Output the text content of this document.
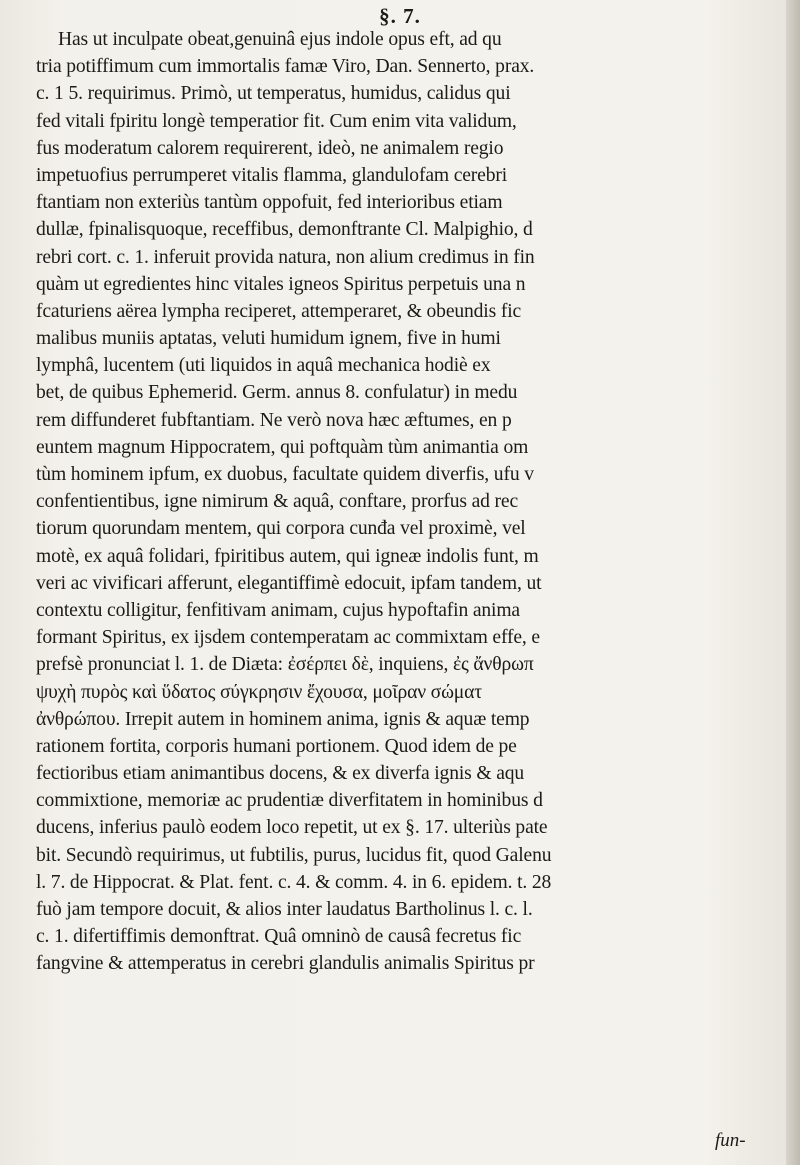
§. 7.
Has ut inculpate obeat,genuinâ ejus indole opus eft, ad qu
tria potiffimum cum immortalis famæ Viro, Dan. Sennerto, prax.
c. 1 5. requirimus. Primò, ut temperatus, humidus, calidus qui
fed vitali fpiritu longè temperatior fit. Cum enim vita validum,
fus moderatum calorem requirerent, ideò, ne animalem regio
impetuofius perrumperet vitalis flamma, glandulofam cerebri
ftantiam non exteriùs tantùm oppofuit, fed interioribus etiam
dullæ, fpinalisquoque, receffibus, demonftrante Cl. Malpighio, d
rebri cort. c. 1. inferuit provida natura, non alium credimus in fin
quàm ut egredientes hinc vitales igneos Spiritus perpetuis una n
fcaturiens aërea lympha reciperet, attemperaret, & obeundis fic
malibus muniis aptatas, veluti humidum ignem, five in humi
lymphâ, lucentem (uti liquidos in aquâ mechanica hodiè ex
bet, de quibus Ephemerid. Germ. annus 8. confulatur) in medu
rem diffunderet fubftantiam. Ne verò nova hæc æftumes, en p
euntem magnum Hippocratem, qui poftquàm tùm animantia om
tùm hominem ipfum, ex duobus, facultate quidem diverfis, ufu v
confentientibus, igne nimirum & aquâ, conftare, prorfus ad rec
tiorum quorundam mentem, qui corpora cunđa vel proximè, vel
motè, ex aquâ folidari, fpiritibus autem, qui igneæ indolis funt, m
veri ac vivificari afferunt, elegantiffimè edocuit, ipfam tandem, ut
contextu colligitur, fenfitivam animam, cujus hypoftafin anima
formant Spiritus, ex ijsdem contemperatam ac commixtam effe, e
prefsè pronunciat l. 1. de Diæta: ἐσέρπει δὲ, inquiens, ἐς ἄνθρωπ
ψυχὴ πυρὸς καὶ ὕδατος σύγκρησιν ἔχουσα, μοῖραν σώματ
ἀνθρώπου. Irrepit autem in hominem anima, ignis & aquæ temp
rationem fortita, corporis humani portionem. Quod idem de pe
fectioribus etiam animantibus docens, & ex diverfa ignis & aqu
commixtione, memoriæ ac prudentiæ diverfitatem in hominibus d
ducens, inferius paulò eodem loco repetit, ut ex §. 17. ulteriùs pate
bit. Secundò requirimus, ut fubtilis, purus, lucidus fit, quod Galenu
l. 7. de Hippocrat. & Plat. fent. c. 4. & comm. 4. in 6. epidem. t. 28
fuò jam tempore docuit, & alios inter laudatus Bartholinus l. c. l.
c. 1. difertiffimis demonftrat. Quâ omninò de causâ fecretus fic
fangvine & attemperatus in cerebri glandulis animalis Spiritus pr
fun-
